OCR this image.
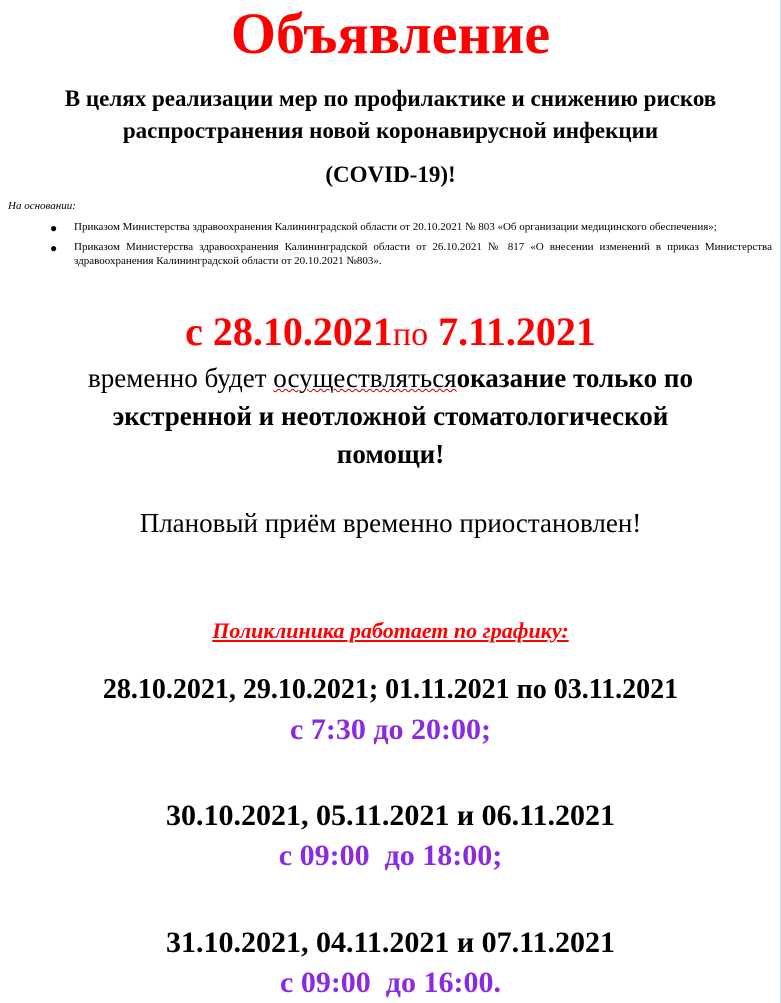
Объявление
В целях реализации мер по профилактике и снижению рисков
распространения новой коронавирусной инфекции
(COVID-19)!
На основании:
● Приказом Министерства здравоохранения Калининградской области от 20.10.2021 № 803 «Об организации медицинского обеспечения»;
● Приказом Министерства здравоохранения Калининградской области от 26.10.2021 № 817 «О внесении изменений в приказ Министерства здравоохранения Калининградской области от 20.10.2021 №803».
с 28.10.2021по 7.11.2021
временно будет осуществлятьсяоказание только по
экстренной и неотложной стоматологической
помощи!
Плановый приём временно приостановлен!
Поликлиника работает по графику:
28.10.2021, 29.10.2021; 01.11.2021 по 03.11.2021
с 7:30 до 20:00;
30.10.2021, 05.11.2021 и 06.11.2021
с 09:00  до 18:00;
31.10.2021, 04.11.2021 и 07.11.2021
с 09:00  до 16:00.
